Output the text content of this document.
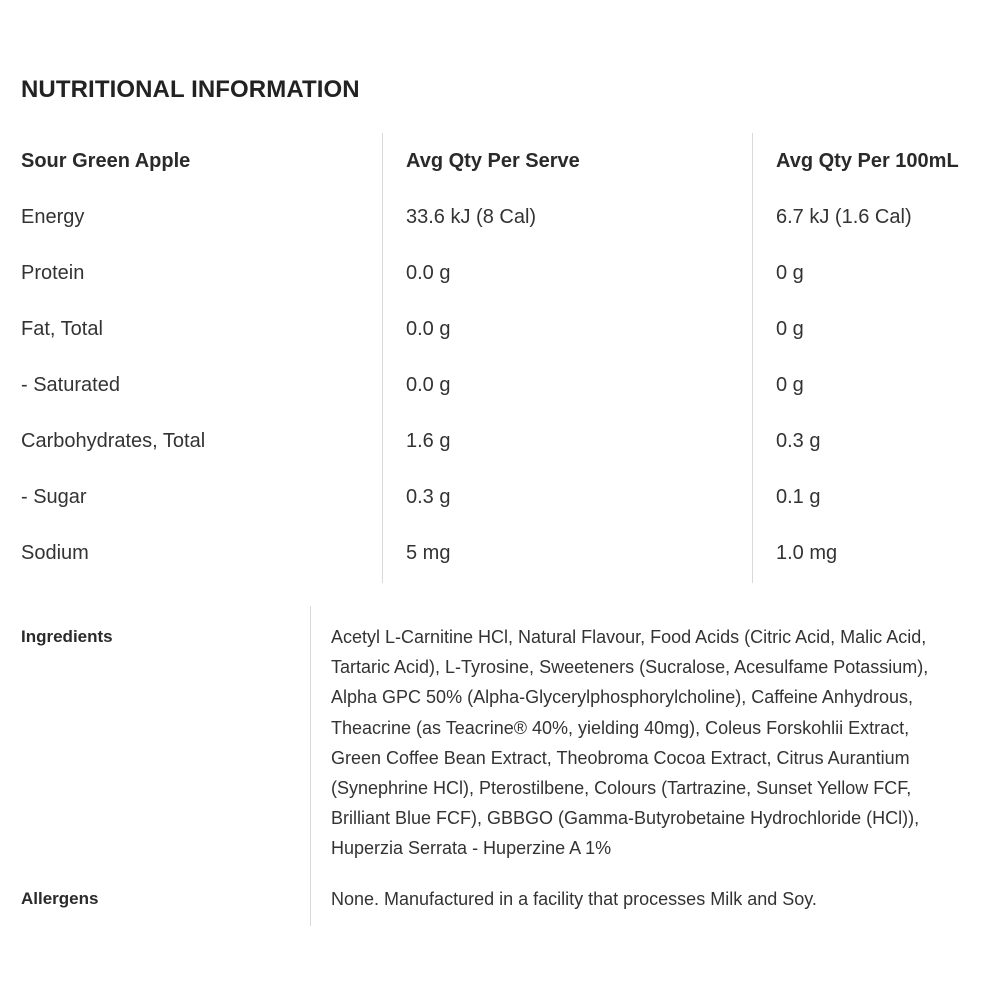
NUTRITIONAL INFORMATION
Sour Green Apple	Avg Qty Per Serve	Avg Qty Per 100mL
Energy	33.6 kJ (8 Cal)	6.7 kJ (1.6 Cal)
Protein	0.0 g	0 g
Fat, Total	0.0 g	0 g
- Saturated	0.0 g	0 g
Carbohydrates, Total	1.6 g	0.3 g
- Sugar	0.3 g	0.1 g
Sodium	5 mg	1.0 mg
Ingredients	Acetyl L-Carnitine HCl, Natural Flavour, Food Acids (Citric Acid, Malic Acid,
Tartaric Acid), L-Tyrosine, Sweeteners (Sucralose, Acesulfame Potassium),
Alpha GPC 50% (Alpha-Glycerylphosphorylcholine), Caffeine Anhydrous,
Theacrine (as Teacrine® 40%, yielding 40mg), Coleus Forskohlii Extract,
Green Coffee Bean Extract, Theobroma Cocoa Extract, Citrus Aurantium
(Synephrine HCl), Pterostilbene, Colours (Tartrazine, Sunset Yellow FCF,
Brilliant Blue FCF), GBBGO (Gamma-Butyrobetaine Hydrochloride (HCl)),
Huperzia Serrata - Huperzine A 1%

Allergens	None. Manufactured in a facility that processes Milk and Soy.
